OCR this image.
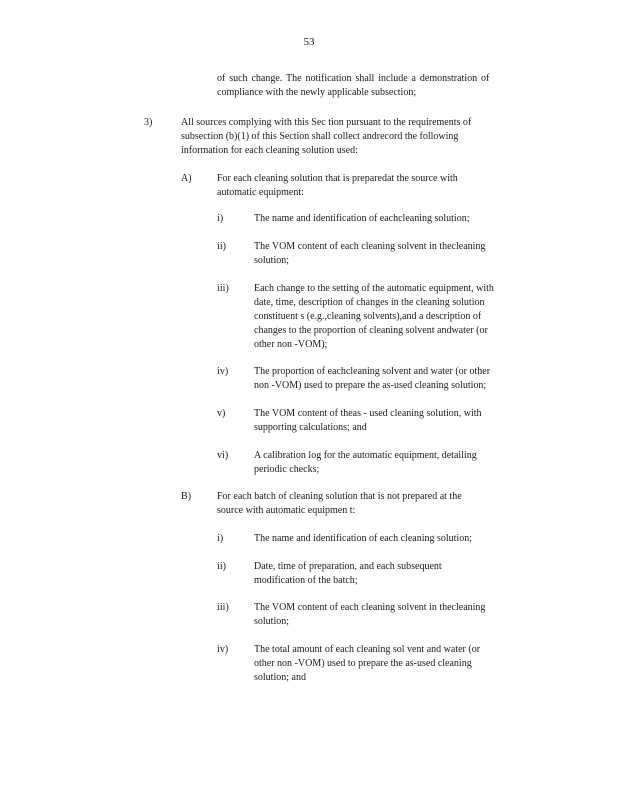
53
of such change. The notification shall include a demonstration of
compliance with the newly applicable subsection;
3)	All sources complying with this Sec tion pursuant to the requirements of
subsection (b)(1) of this Section shall collect andrecord the following
information for each cleaning solution used:
A)	For each cleaning solution that is preparedat the source with
automatic equipment:
i)	The name and identification of eachcleaning solution;
ii)	The VOM content of each cleaning solvent in thecleaning
solution;
iii)	Each change to the setting of the automatic equipment, with
date, time, description of changes in the cleaning solution
constituent s (e.g.,cleaning solvents),and a description of
changes to the proportion of cleaning solvent andwater (or
other non -VOM);
iv)	The proportion of eachcleaning solvent and water (or other
non -VOM) used to prepare the as-used cleaning solution;
v)	The VOM content of theas - used cleaning solution, with
supporting calculations; and
vi)	A calibration log for the automatic equipment, detailing
periodic checks;
B)	For each batch of cleaning solution that is not prepared at the
source with automatic equipmen t:
i)	The name and identification of each cleaning solution;
ii)	Date, time of preparation, and each subsequent
modification of the batch;
iii)	The VOM content of each cleaning solvent in thecleaning
solution;
iv)	The total amount of each cleaning sol vent and water (or
other non -VOM) used to prepare the as-used cleaning
solution; and
